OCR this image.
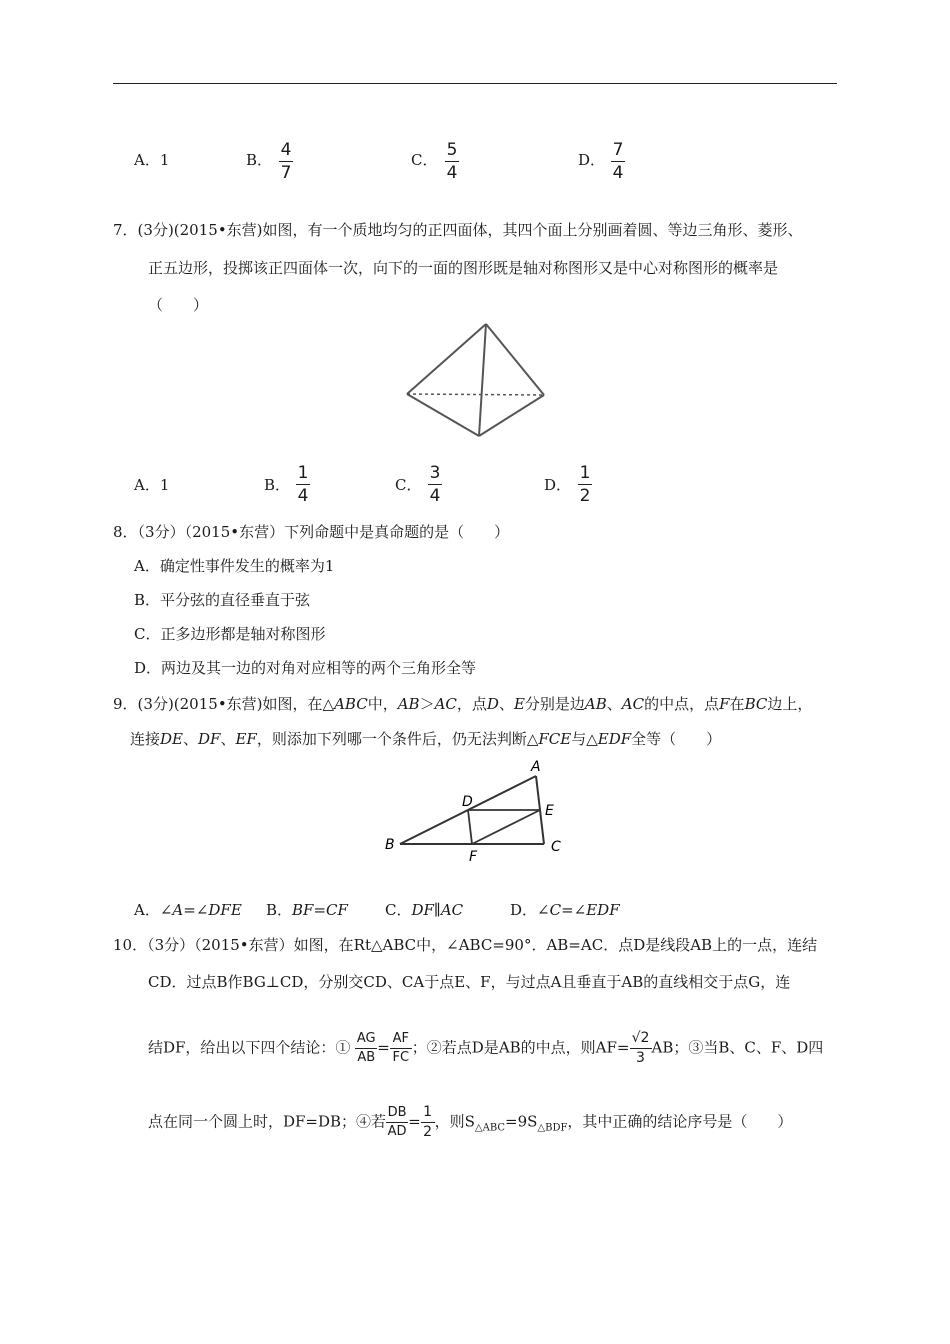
A．1	B． 4
7
C． 5
4
D． 7
4
7．(3分)(2015•东营)如图，有一个质地均匀的正四面体，其四个面上分别画着圆、等边三角形、菱形、
正五边形，投掷该正四面体一次，向下的一面的图形既是轴对称图形又是中心对称图形的概率是
（　　）
A．1	B．
1
4
C．
3
4
D．
1
2
8．（3分）（2015•东营）下列命题中是真命题的是（　　）
A．确定性事件发生的概率为1
B．平分弦的直径垂直于弦
C．正多边形都是轴对称图形
D．两边及其一边的对角对应相等的两个三角形全等
9．(3分)(2015•东营)如图，在△ABC中，AB＞AC，点D、E分别是边AB、AC的中点，点F在BC边上，
连接DE、DF、EF，则添加下列哪一个条件后，仍无法判断△FCE与△EDF全等（　　）
A
B	C
D
E
F
A．∠A=∠DFE B．BF=CF C．DF∥AC	D．∠C=∠EDF
10．（3分）（2015•东营）如图，在Rt△ABC中，∠ABC=90°．AB=AC．点D是线段AB上的一点，连结
CD．过点B作BG⊥CD，分别交CD、CA于点E、F，与过点A且垂直于AB的直线相交于点G，连
结DF，给出以下四个结论：① $\frac{AG}{AB} = \frac{AF}{FC}$ ；②若点D是AB的中点，则$AF= \frac{√2}{3}$ AB；③当B、C、F、D四
点在同一个圆上时，DF=DB；④若 $\frac{DB}{AD} = \frac{1}{2}$ ，则$S_{\triangle ABC}=9S_{\triangle BDF}$，其中正确的结论序号是（　　）
